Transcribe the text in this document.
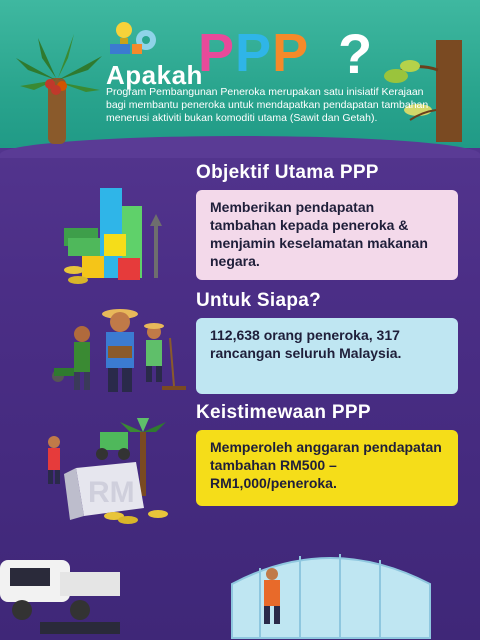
Apakah
PPP ?
Program Pembangunan Peneroka merupakan satu inisiatif Kerajaan bagi membantu peneroka untuk mendapatkan pendapatan tambahan menerusi aktiviti bukan komoditi utama (Sawit dan Getah).
Objektif Utama PPP
Memberikan pendapatan tambahan kepada peneroka & menjamin keselamatan makanan negara.
Untuk Siapa?
112,638 orang peneroka, 317 rancangan seluruh Malaysia.
Keistimewaan PPP
RM
Memperoleh anggaran pendapatan tambahan RM500 – RM1,000/peneroka.
